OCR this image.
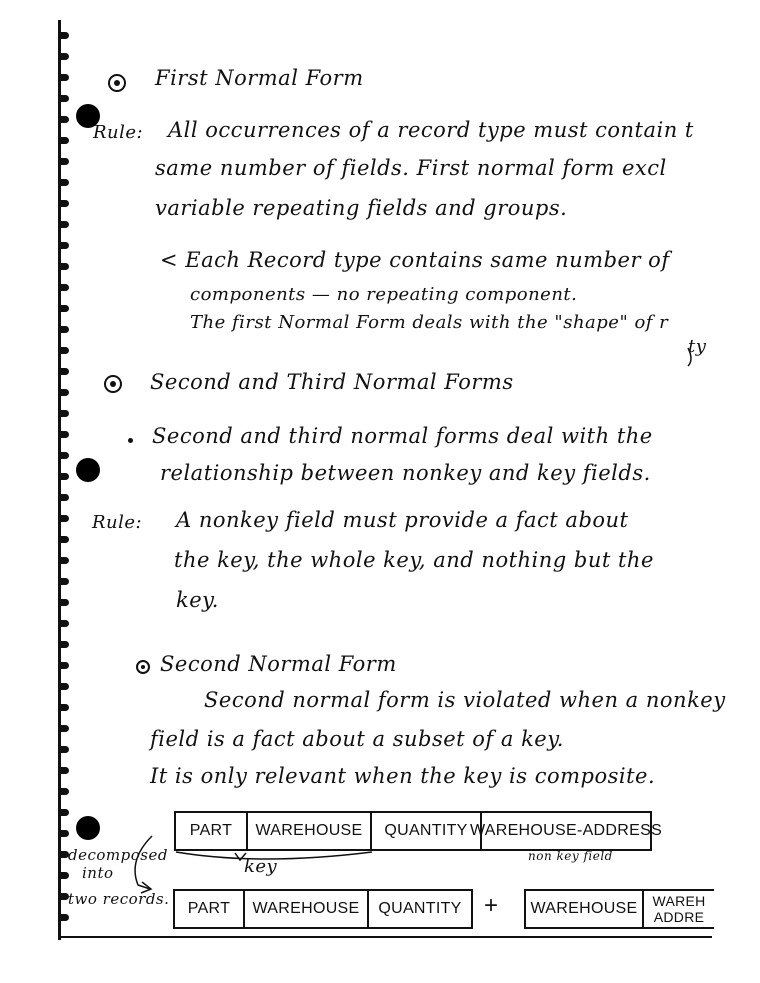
First Normal Form
Rule: All occurrences of a record type must contain t
same number of fields. First normal form excl
variable repeating fields and groups.
< Each Record type contains same number of
components — no repeating component.
The first Normal Form deals with the "shape" of r
ty
Second and Third Normal Forms
Second and third normal forms deal with the
relationship between nonkey and key fields.
Rule: A nonkey field must provide a fact about
the key, the whole key, and nothing but the
key.
Second Normal Form
Second normal form is violated when a nonkey
field is a fact about a subset of a key.
It is only relevant when the key is composite.
PART	WAREHOUSE	QUANTITY WAREHOUSE-ADDRESS
non key field
key
decomposed
into
two records.
PART	WAREHOUSE	QUANTITY + WAREHOUSE	WAREH
ADDRE
